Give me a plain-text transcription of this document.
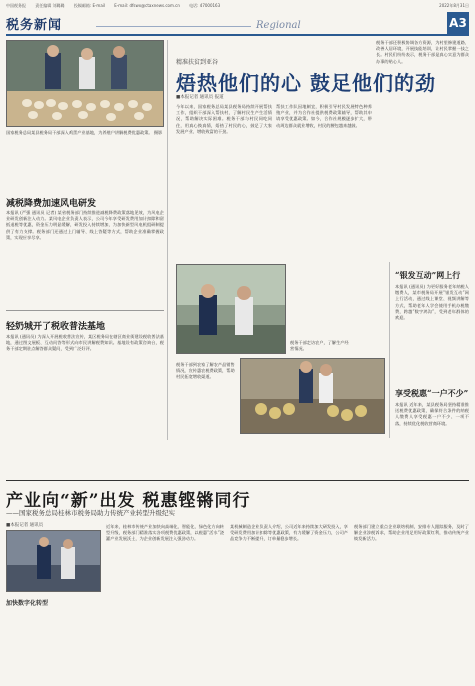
中国税务报 责任编辑 刘璐璐 投稿邮箱: E-mail E-mail: dfswx@ctaxnews.com.cn 电话: 47000163	2022年8月31日
税务新闻	Regional	A3
国家税务总局某县税务局干部深入鸡蛋产业基地，为养殖户讲解税费优惠政策。 摄影
减税降费加速风电研发
本报讯 (严强 通讯员 记者) 某省税务部门持续推进减税降费政策落地见效，为风电企业研发创新注入动力。某风电企业负责人表示，公司今年享受研发费用加计扣除和留抵退税等优惠，资金压力明显缓解，研发投入持续增加，为加快新型风电机组研制提供了有力支撑。税务部门还通过上门辅导、线上答疑等方式，帮助企业准确掌握政策，实现应享尽享。
轻奶城开了税收普法基地
本报讯 (通讯员) 为深入开展税收普法宣传，某区税务局在辖区商业街建设税收普法基地，通过图文展板、互动问答等形式向市民讲解税费知识。基地设有政策咨询台，税务干部定期驻点解答群众疑问，受到广泛好评。
精准扶贫到亚谷
焐热他们的心 鼓足他们的劲
■本报记者 通讯员 报道
今年以来，国家税务总局某县税务局持续开展帮扶工作，组织干部深入帮扶村，了解村民生产生活情况，帮助解决实际困难。税务干部与村民同吃同住，用真心换真情，焐热了村民的心，鼓足了大家发展产业、增收致富的干劲。
帮扶工作队因地制宜，积极引导村民发展特色种养殖产业，并为合作社提供税费政策辅导，帮助其申请享受优惠政策。如今，合作社规模逐步扩大，带动周边群众就业增收，村民的腰包越来越鼓。
税务干部还积极协调各方资源，为村里修建道路、改善人居环境，开展技能培训，让村民掌握一技之长。村民们纷纷表示，税务干部是真心实意为群众办事的贴心人。
税务干部走访农户，了解生产经营情况。
税务干部到农家了解农产品销售情况，宣传惠农税费政策，帮助村民拓宽增收渠道。
“银发互动”网上行
本报讯 (通讯员) 为更好服务老年纳税人缴费人，某市税务局开展“银发互动”网上行活动，通过线上课堂、视频讲解等方式，帮助老年人学会使用手机办税缴费，跨越“数字鸿沟”，受到老年群体的欢迎。
享受税惠“一户不少”
本报讯 近年来，某县税务局坚持精准推送税费优惠政策，确保符合条件的纳税人缴费人享受税惠一户不少、一项不落，持续优化税收营商环境。
产业向“新”出发 税惠铿锵同行
——国家税务总局桂林市税务局助力传统产业转型升级纪实
■本报记者 通讯员
加快数字化转型
近年来，桂林市传统产业加快向高端化、智能化、绿色化方向转型升级，税务部门精准落实各项税费优惠政策，以税惠“活水”浇灌产业发展沃土，为企业创新发展注入强劲动力。
某机械制造企业负责人介绍，公司近年来持续加大研发投入，享受研发费用加计扣除等优惠政策，有力缓解了资金压力，公司产品竞争力不断提升，订单量稳步增长。
税务部门建立重点企业联络机制，安排专人跟踪服务，及时了解企业涉税诉求，帮助企业用足用好政策红利，推动传统产业焕发新活力。
